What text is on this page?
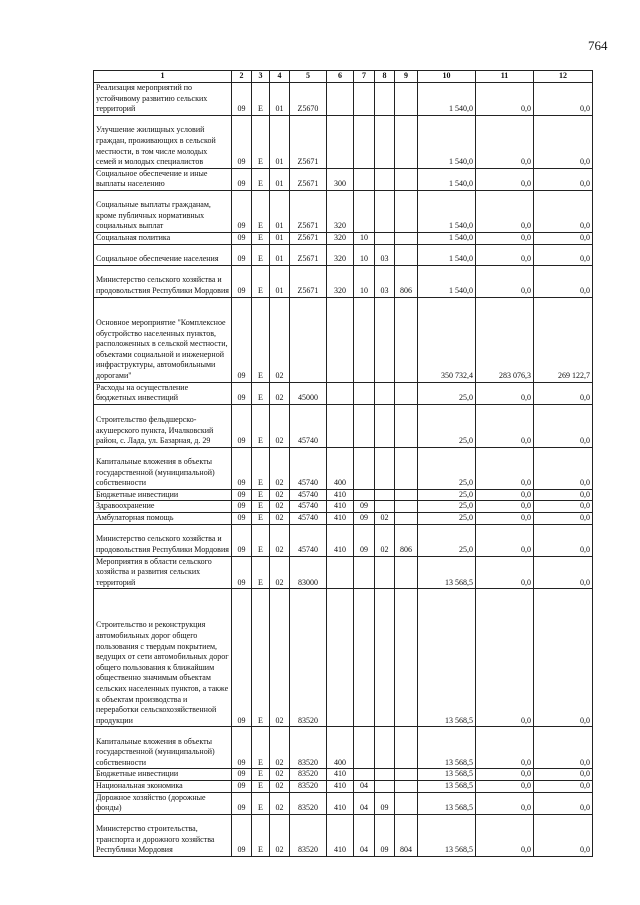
764
1	2	3	4	5	6	7	8	9	10	11	12
Реализация мероприятий по устойчивому развитию сельских территорий	09	Е	01	Z5670					1 540,0	0,0	0,0
Улучшение жилищных условий граждан, проживающих в сельской местности, в том числе молодых семей и молодых специалистов	09	Е	01	Z5671					1 540,0	0,0	0,0
Социальное обеспечение и иные выплаты населению	09	Е	01	Z5671	300				1 540,0	0,0	0,0
Социальные выплаты гражданам, кроме публичных нормативных социальных выплат	09	Е	01	Z5671	320				1 540,0	0,0	0,0
Социальная политика	09	Е	01	Z5671	320	10			1 540,0	0,0	0,0
Социальное обеспечение населения	09	Е	01	Z5671	320	10	03		1 540,0	0,0	0,0
Министерство сельского хозяйства и продовольствия Республики Мордовия	09	Е	01	Z5671	320	10	03	806	1 540,0	0,0	0,0
Основное мероприятие "Комплексное обустройство населенных пунктов, расположенных в сельской местности, объектами социальной и инженерной инфраструктуры, автомобильными дорогами"	09	Е	02						350 732,4	283 076,3	269 122,7
Расходы на осуществление бюджетных инвестиций	09	Е	02	45000					25,0	0,0	0,0
Строительство фельдшерско-акушерского пункта, Ичалковский район, с. Лада, ул. Базарная, д. 29	09	Е	02	45740					25,0	0,0	0,0
Капитальные вложения в объекты государственной (муниципальной) собственности	09	Е	02	45740	400				25,0	0,0	0,0
Бюджетные инвестиции	09	Е	02	45740	410				25,0	0,0	0,0
Здравоохранение	09	Е	02	45740	410	09			25,0	0,0	0,0
Амбулаторная помощь	09	Е	02	45740	410	09	02		25,0	0,0	0,0
Министерство сельского хозяйства и продовольствия Республики Мордовия	09	Е	02	45740	410	09	02	806	25,0	0,0	0,0
Мероприятия в области сельского хозяйства и развития сельских территорий	09	Е	02	83000					13 568,5	0,0	0,0
Строительство и реконструкция автомобильных дорог общего пользования с твердым покрытием, ведущих от сети автомобильных дорог общего пользования к ближайшим общественно значимым объектам сельских населенных пунктов, а также к объектам производства и переработки сельскохозяйственной продукции	09	Е	02	83520					13 568,5	0,0	0,0
Капитальные вложения в объекты государственной (муниципальной) собственности	09	Е	02	83520	400				13 568,5	0,0	0,0
Бюджетные инвестиции	09	Е	02	83520	410				13 568,5	0,0	0,0
Национальная экономика	09	Е	02	83520	410	04			13 568,5	0,0	0,0
Дорожное хозяйство (дорожные фонды)	09	Е	02	83520	410	04	09		13 568,5	0,0	0,0
Министерство строительства, транспорта и дорожного хозяйства Республики Мордовия	09	Е	02	83520	410	04	09	804	13 568,5	0,0	0,0
